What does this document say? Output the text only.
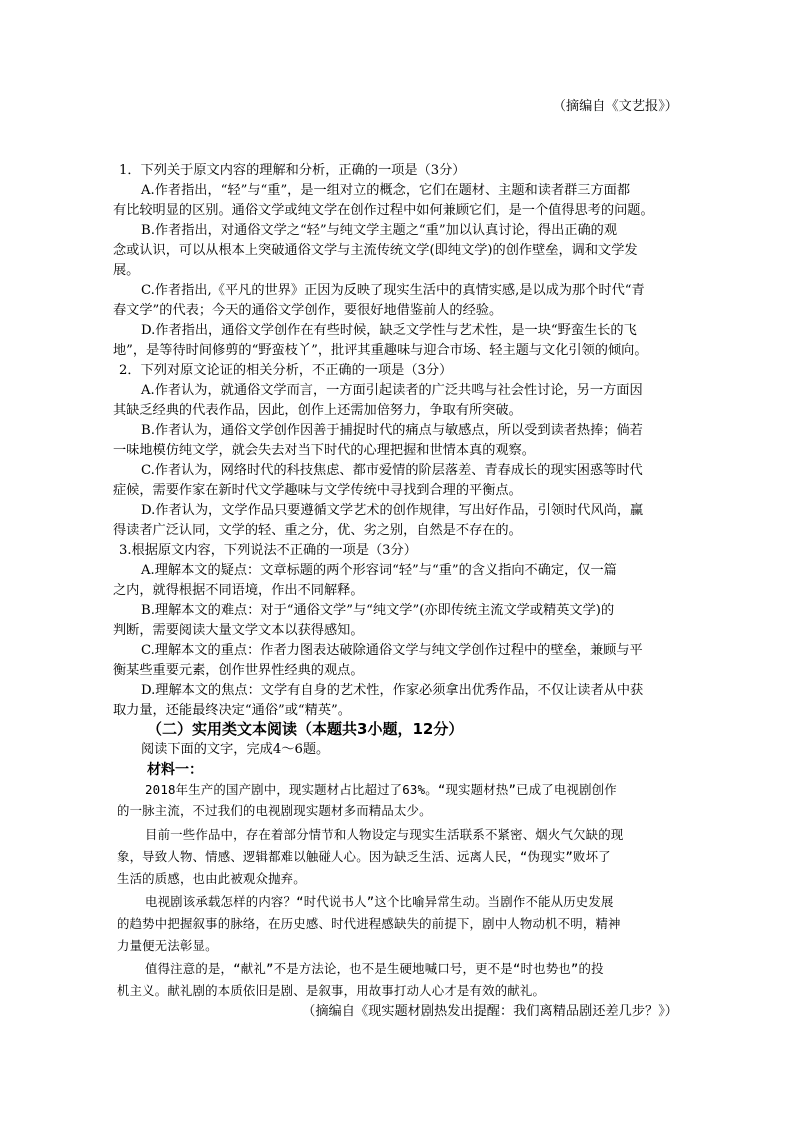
（摘编自《文艺报》）
1．下列关于原文内容的理解和分析，正确的一项是（3分）
A.作者指出，“轻”与“重”，是一组对立的概念，它们在题材、主题和读者群三方面都
有比较明显的区别。通俗文学或纯文学在创作过程中如何兼顾它们，是一个值得思考的问题。
B.作者指出，对通俗文学之“轻”与纯文学主题之“重”加以认真讨论，得出正确的观
念或认识，可以从根本上突破通俗文学与主流传统文学(即纯文学)的创作壁垒，调和文学发
展。
C.作者指出,《平凡的世界》正因为反映了现实生活中的真情实感,是以成为那个时代“青
春文学”的代表；今天的通俗文学创作，要很好地借鉴前人的经验。
D.作者指出，通俗文学创作在有些时候，缺乏文学性与艺术性，是一块“野蛮生长的飞
地”，是等待时间修剪的“野蛮枝丫”，批评其重趣味与迎合市场、轻主题与文化引领的倾向。
2．下列对原文论证的相关分析，不正确的一项是（3分）
A.作者认为，就通俗文学而言，一方面引起读者的广泛共鸣与社会性讨论，另一方面因
其缺乏经典的代表作品，因此，创作上还需加倍努力，争取有所突破。
B.作者认为，通俗文学创作因善于捕捉时代的痛点与敏感点，所以受到读者热捧；倘若
一味地模仿纯文学，就会失去对当下时代的心理把握和世情本真的观察。
C.作者认为，网络时代的科技焦虑、都市爱情的阶层落差、青春成长的现实困惑等时代
症候，需要作家在新时代文学趣味与文学传统中寻找到合理的平衡点。
D.作者认为，文学作品只要遵循文学艺术的创作规律，写出好作品，引领时代风尚，赢
得读者广泛认同，文学的轻、重之分，优、劣之别，自然是不存在的。
3.根据原文内容，下列说法不正确的一项是（3分）
A.理解本文的疑点：文章标题的两个形容词“轻”与“重”的含义指向不确定，仅一篇
之内，就得根据不同语境，作出不同解释。
B.理解本文的难点：对于“通俗文学”与“纯文学”(亦即传统主流文学或精英文学)的
判断，需要阅读大量文学文本以获得感知。
C.理解本文的重点：作者力图表达破除通俗文学与纯文学创作过程中的壁垒，兼顾与平
衡某些重要元素，创作世界性经典的观点。
D.理解本文的焦点：文学有自身的艺术性，作家必须拿出优秀作品，不仅让读者从中获
取力量，还能最终决定“通俗”或“精英”。
（二）实用类文本阅读（本题共3小题，12分）
阅读下面的文字，完成4～6题。
材料一：
2018年生产的国产剧中，现实题材占比超过了63%。“现实题材热”已成了电视剧创作
的一脉主流，不过我们的电视剧现实题材多而精品太少。
目前一些作品中，存在着部分情节和人物设定与现实生活联系不紧密、烟火气欠缺的现
象，导致人物、情感、逻辑都难以触碰人心。因为缺乏生活、远离人民，“伪现实”败坏了
生活的质感，也由此被观众抛弃。
电视剧该承载怎样的内容？“时代说书人”这个比喻异常生动。当剧作不能从历史发展
的趋势中把握叙事的脉络，在历史感、时代进程感缺失的前提下，剧中人物动机不明，精神
力量便无法彰显。
值得注意的是，“献礼”不是方法论，也不是生硬地喊口号，更不是“时也势也”的投
机主义。献礼剧的本质依旧是剧、是叙事，用故事打动人心才是有效的献礼。
（摘编自《现实题材剧热发出提醒：我们离精品剧还差几步？》）
